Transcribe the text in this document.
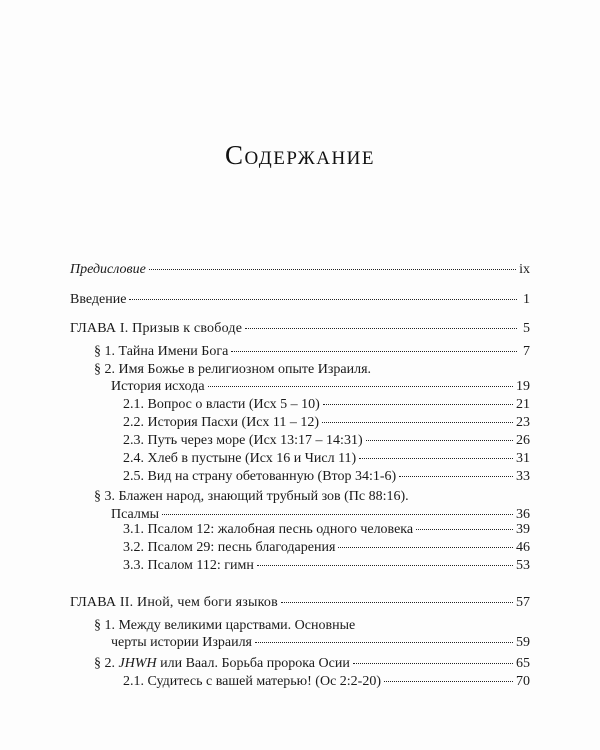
Содержание
Предисловие	ix
Введение	1
ГЛАВА I. Призыв к свободе	5
§ 1. Тайна Имени Бога	7
§ 2. Имя Божье в религиозном опыте Израиля.
История исхода	19
2.1. Вопрос о власти (Исх 5 – 10)	21
2.2. История Пасхи (Исх 11 – 12)	23
2.3. Путь через море (Исх 13:17 – 14:31)	26
2.4. Хлеб в пустыне (Исх 16 и Числ 11)	31
2.5. Вид на страну обетованную (Втор 34:1-6)	33
§ 3. Блажен народ, знающий трубный зов (Пс 88:16).
Псалмы	36
3.1. Псалом 12: жалобная песнь одного человека	39
3.2. Псалом 29: песнь благодарения	46
3.3. Псалом 112: гимн	53
ГЛАВА II. Иной, чем боги языков	57
§ 1. Между великими царствами. Основные
черты истории Израиля	59
§ 2. JHWH или Ваал. Борьба пророка Осии	65
2.1. Судитесь с вашей матерью! (Ос 2:2-20)	70
